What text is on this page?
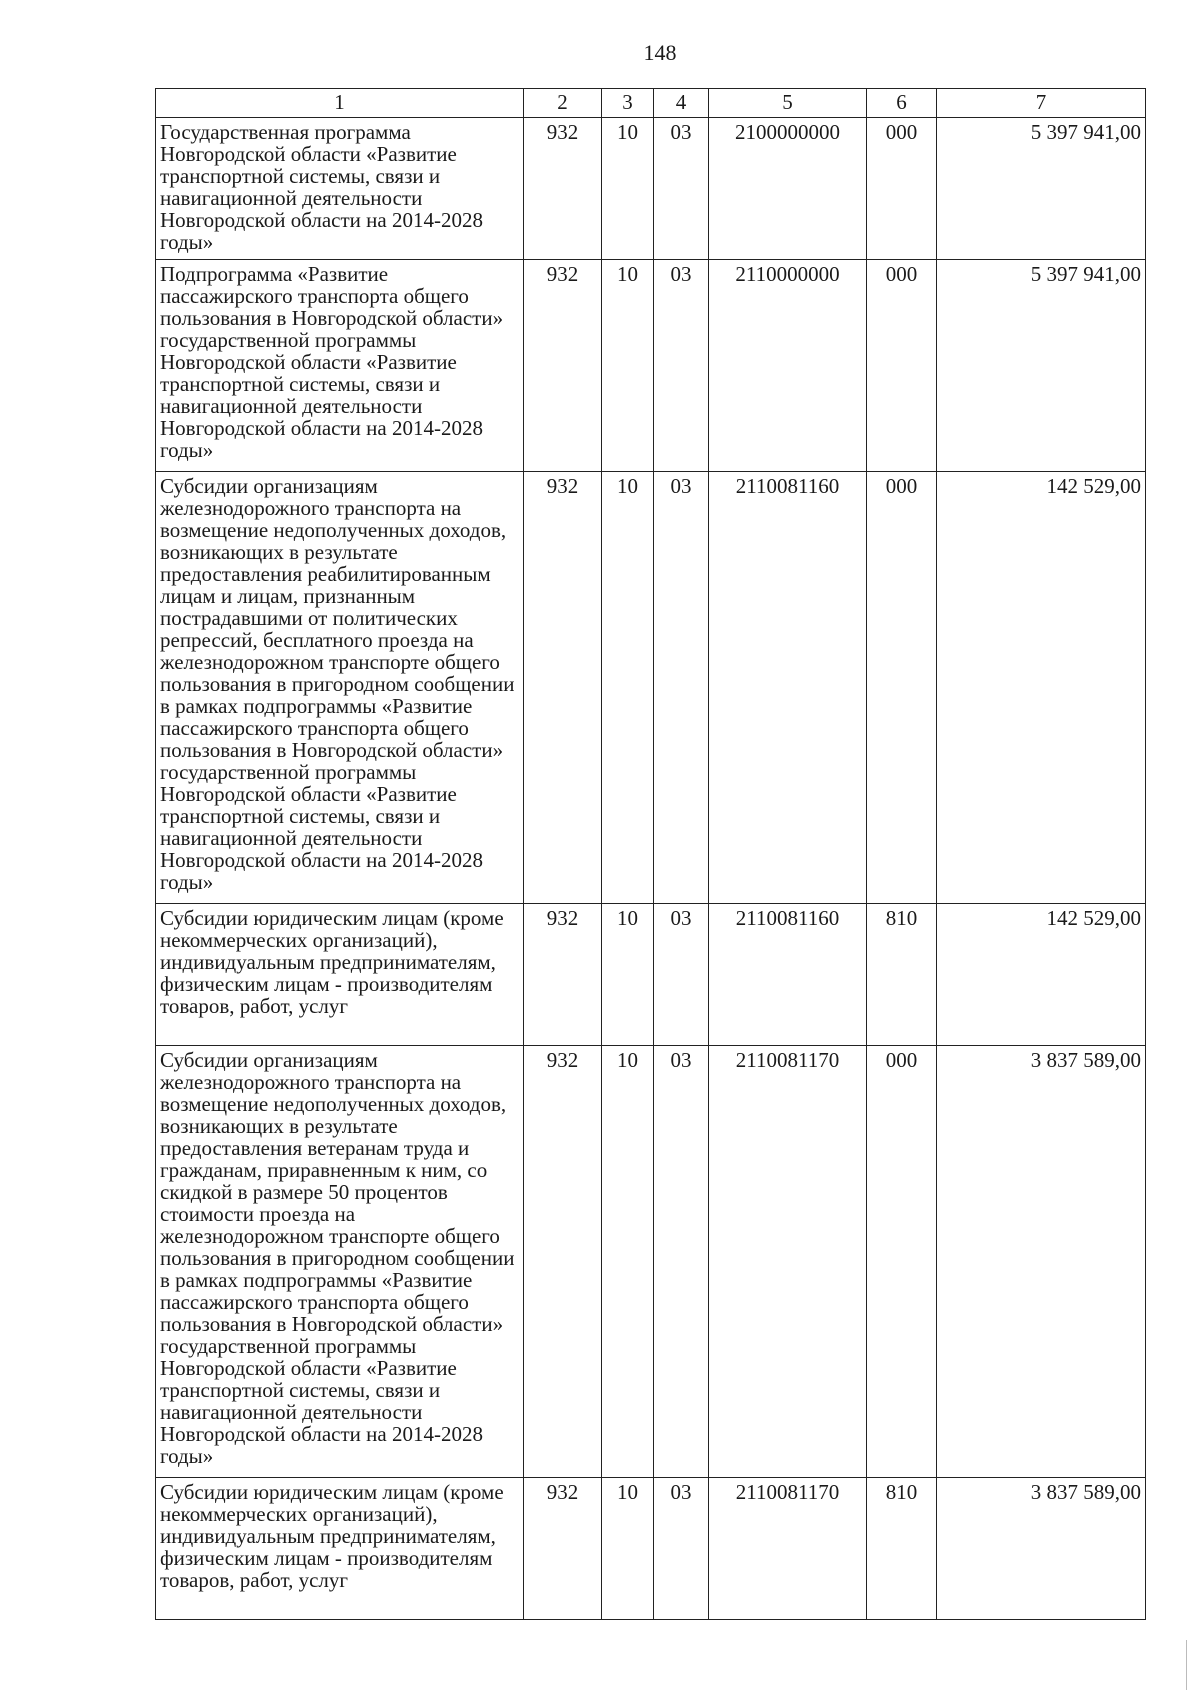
148
1	2	3	4	5	6	7
Государственная программа Новгородской области «Развитие транспортной системы, связи и навигационной деятельности Новгородской области на 2014-2028 годы»	932	10	03	2100000000	000	5 397 941,00
Подпрограмма «Развитие пассажирского транспорта общего пользования в Новгородской области» государственной программы Новгородской области «Развитие транспортной системы, связи и навигационной деятельности Новгородской области на 2014-2028 годы»	932	10	03	2110000000	000	5 397 941,00
Субсидии организациям железнодорожного транспорта на возмещение недополученных доходов, возникающих в результате предоставления реабилитированным лицам и лицам, признанным пострадавшими от политических репрессий, бесплатного проезда на железнодорожном транспорте общего пользования в пригородном сообщении в рамках подпрограммы «Развитие пассажирского транспорта общего пользования в Новгородской области» государственной программы Новгородской области «Развитие транспортной системы, связи и навигационной деятельности Новгородской области на 2014-2028 годы»	932	10	03	2110081160	000	142 529,00
Субсидии юридическим лицам (кроме некоммерческих организаций), индивидуальным предпринимателям, физическим лицам - производителям товаров, работ, услуг	932	10	03	2110081160	810	142 529,00
Субсидии организациям железнодорожного транспорта на возмещение недополученных доходов, возникающих в результате предоставления ветеранам труда и гражданам, приравненным к ним, со скидкой в размере 50 процентов стоимости проезда на железнодорожном транспорте общего пользования в пригородном сообщении в рамках подпрограммы «Развитие пассажирского транспорта общего пользования в Новгородской области» государственной программы Новгородской области «Развитие транспортной системы, связи и навигационной деятельности Новгородской области на 2014-2028 годы»	932	10	03	2110081170	000	3 837 589,00
Субсидии юридическим лицам (кроме некоммерческих организаций), индивидуальным предпринимателям, физическим лицам - производителям товаров, работ, услуг	932	10	03	2110081170	810	3 837 589,00
